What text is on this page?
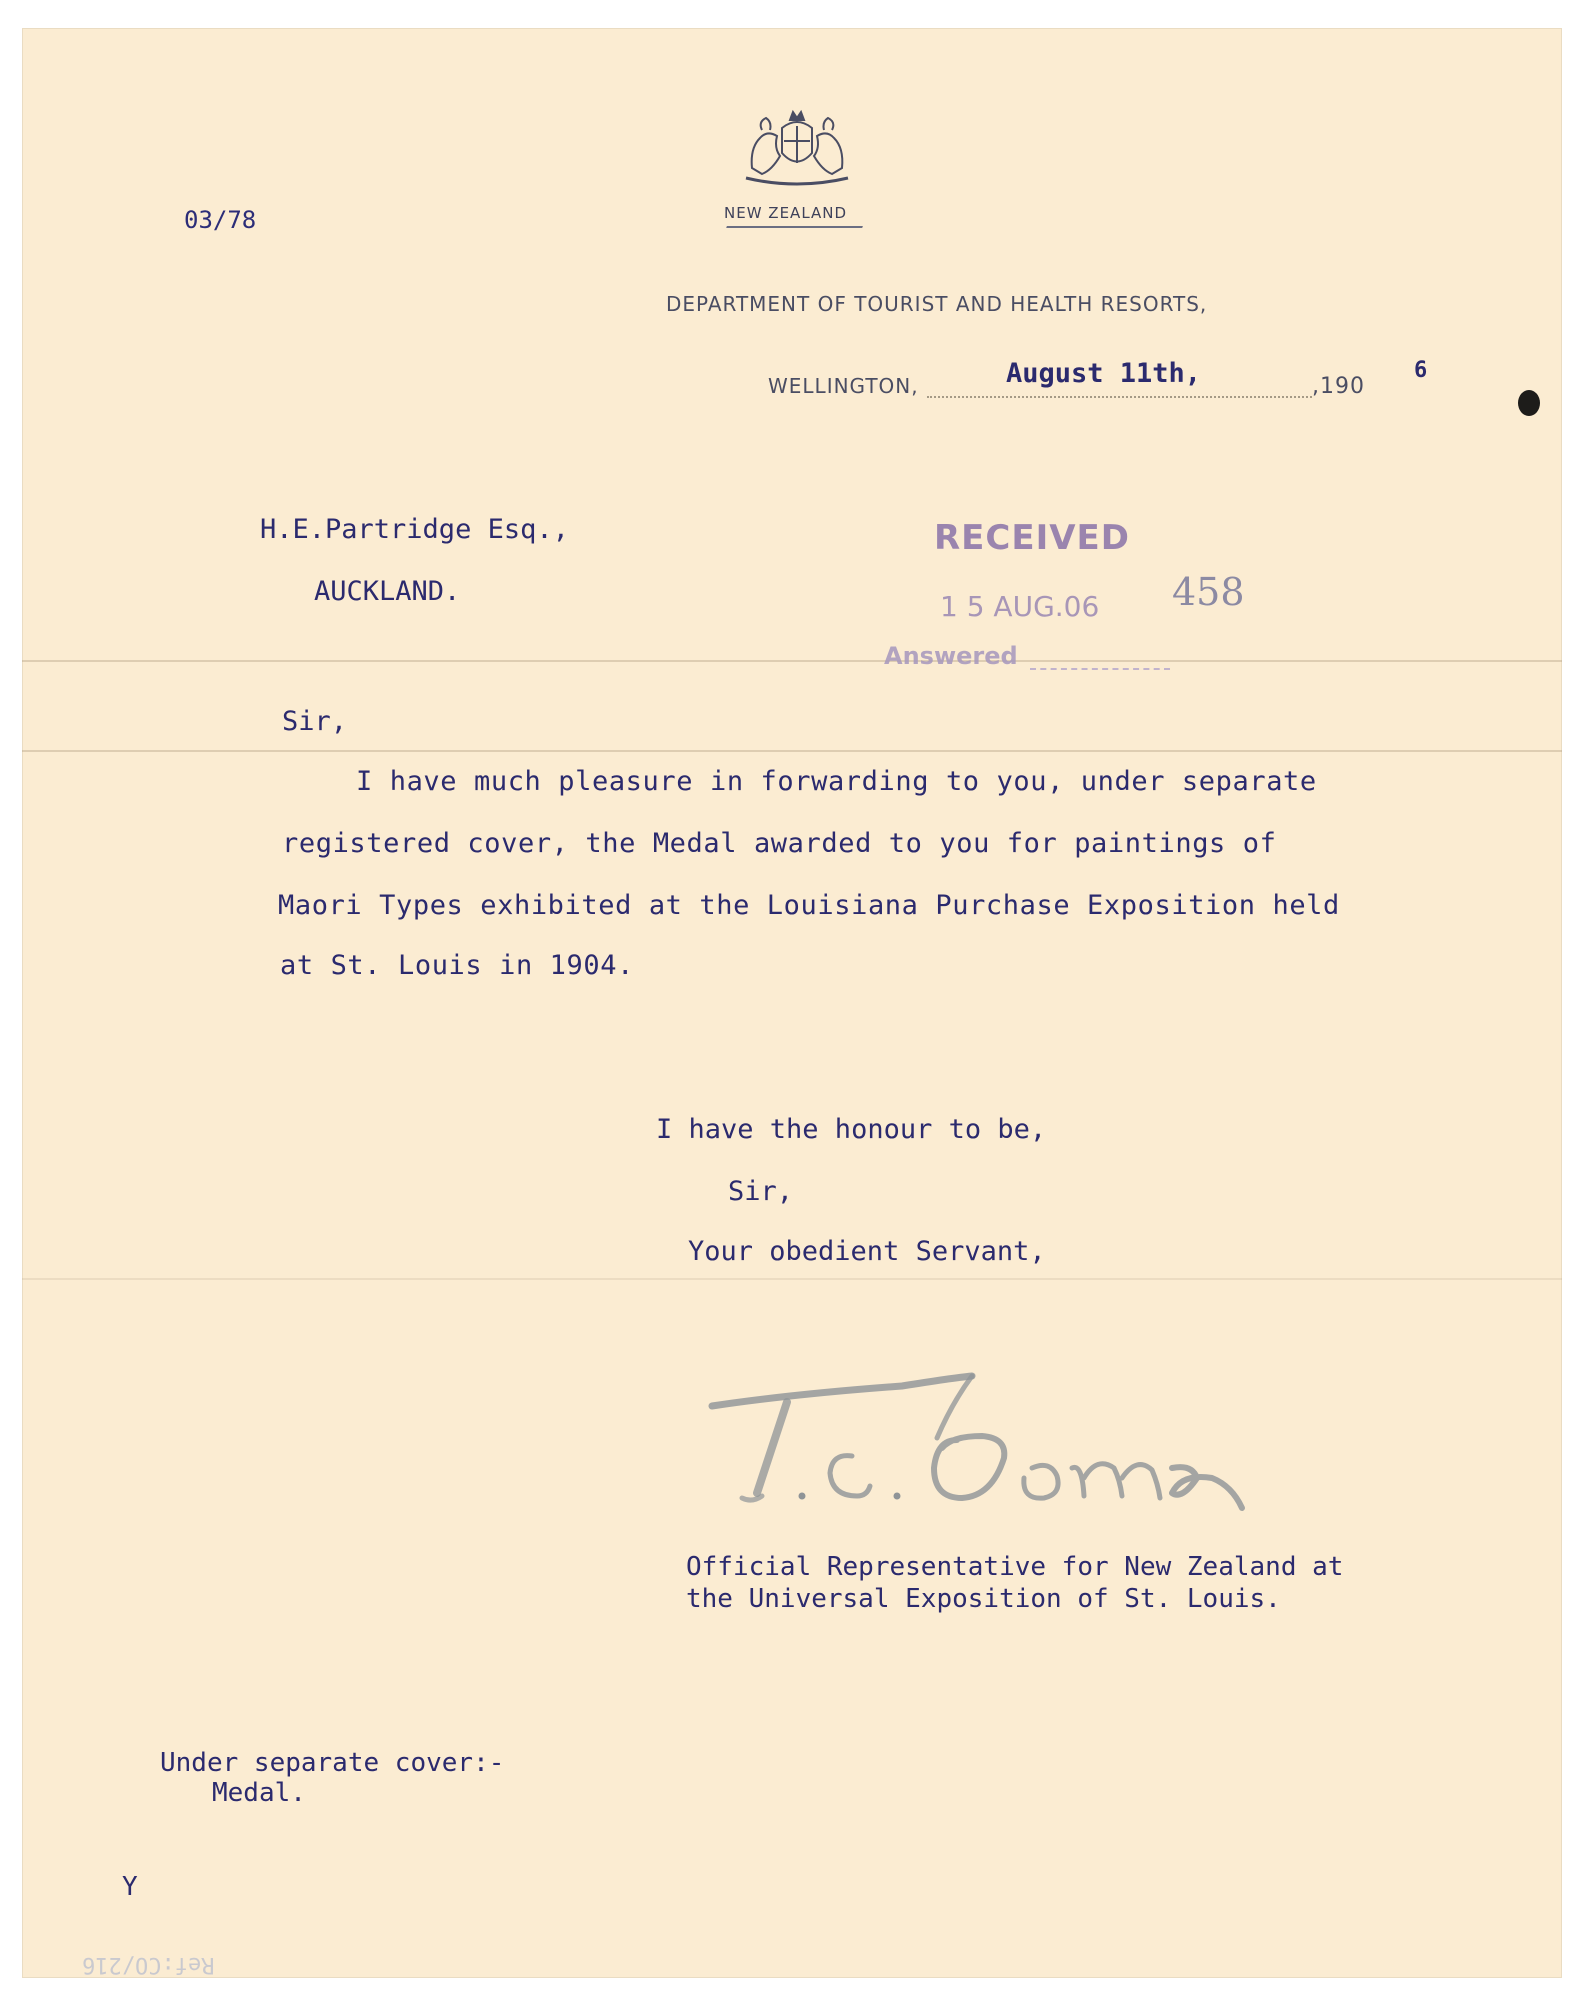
NEW ZEALAND
03/78
DEPARTMENT OF TOURIST AND HEALTH RESORTS,
WELLINGTON,	August 11th,	,190
6
H.E.Partridge Esq.,
AUCKLAND.
RECEIVED
1 5 AUG.06 458
Answered
Sir,
I have much pleasure in forwarding to you, under separate
registered cover, the Medal awarded to you for paintings of
Maori Types exhibited at the Louisiana Purchase Exposition held
at St. Louis in 1904.
I have the honour to be,
Sir,
Your obedient Servant,
Official Representative for New Zealand at
the Universal Exposition of St. Louis.
Under separate cover:-
Medal.
Y
Ref:CO/216
